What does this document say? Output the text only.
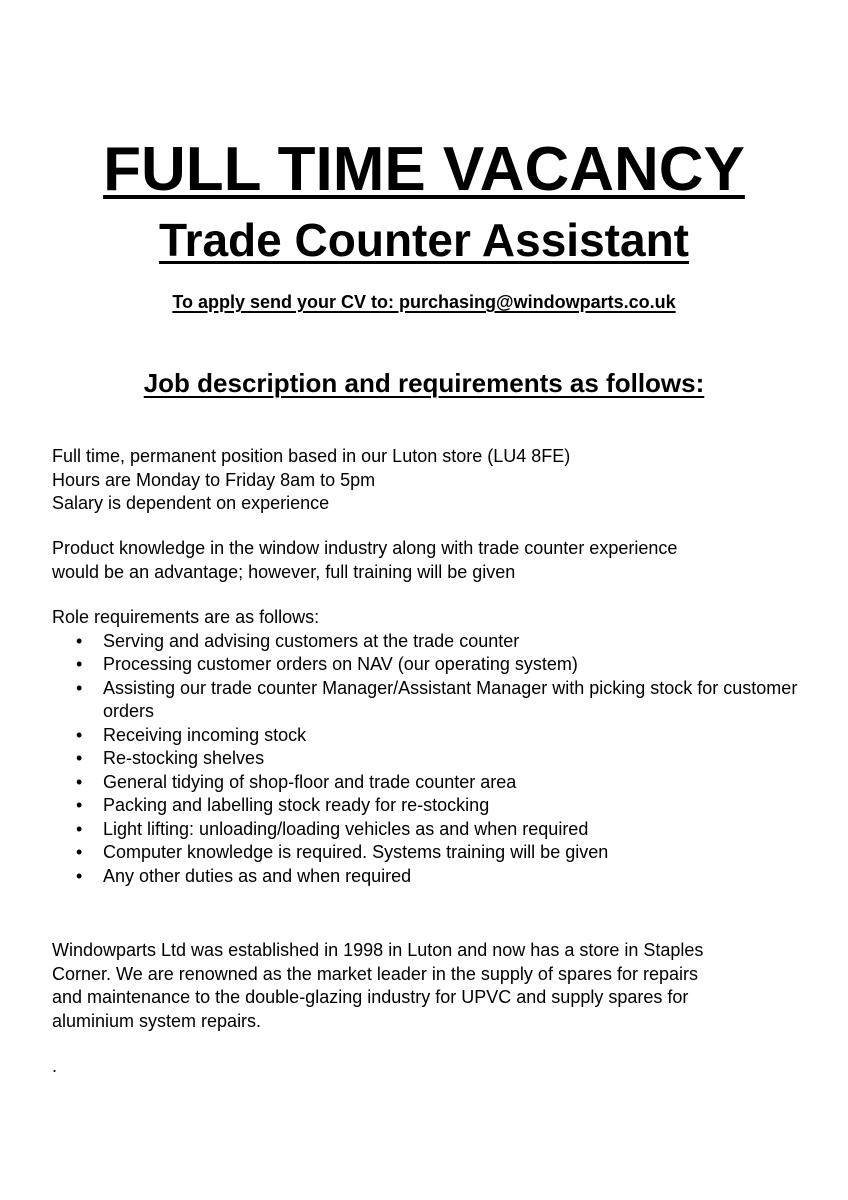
FULL TIME VACANCY
Trade Counter Assistant

To apply send your CV to: purchasing@windowparts.co.uk

Job description and requirements as follows:

Full time, permanent position based in our Luton store (LU4 8FE)

Hours are Monday to Friday 8am to 5pm

Salary is dependent on experience

Product knowledge in the window industry along with trade counter experience

would be an advantage; however, full training will be given

Role requirements are as follows:

• Serving and advising customers at the trade counter
• Processing customer orders on NAV (our operating system)
• Assisting our trade counter Manager/Assistant Manager with picking stock for customer orders
• Receiving incoming stock
• Re-stocking shelves
• General tidying of shop-floor and trade counter area
• Packing and labelling stock ready for re-stocking
• Light lifting: unloading/loading vehicles as and when required
• Computer knowledge is required. Systems training will be given
• Any other duties as and when required

Windowparts Ltd was established in 1998 in Luton and now has a store in Staples

Corner. We are renowned as the market leader in the supply of spares for repairs

and maintenance to the double-glazing industry for UPVC and supply spares for

aluminium system repairs.

.
